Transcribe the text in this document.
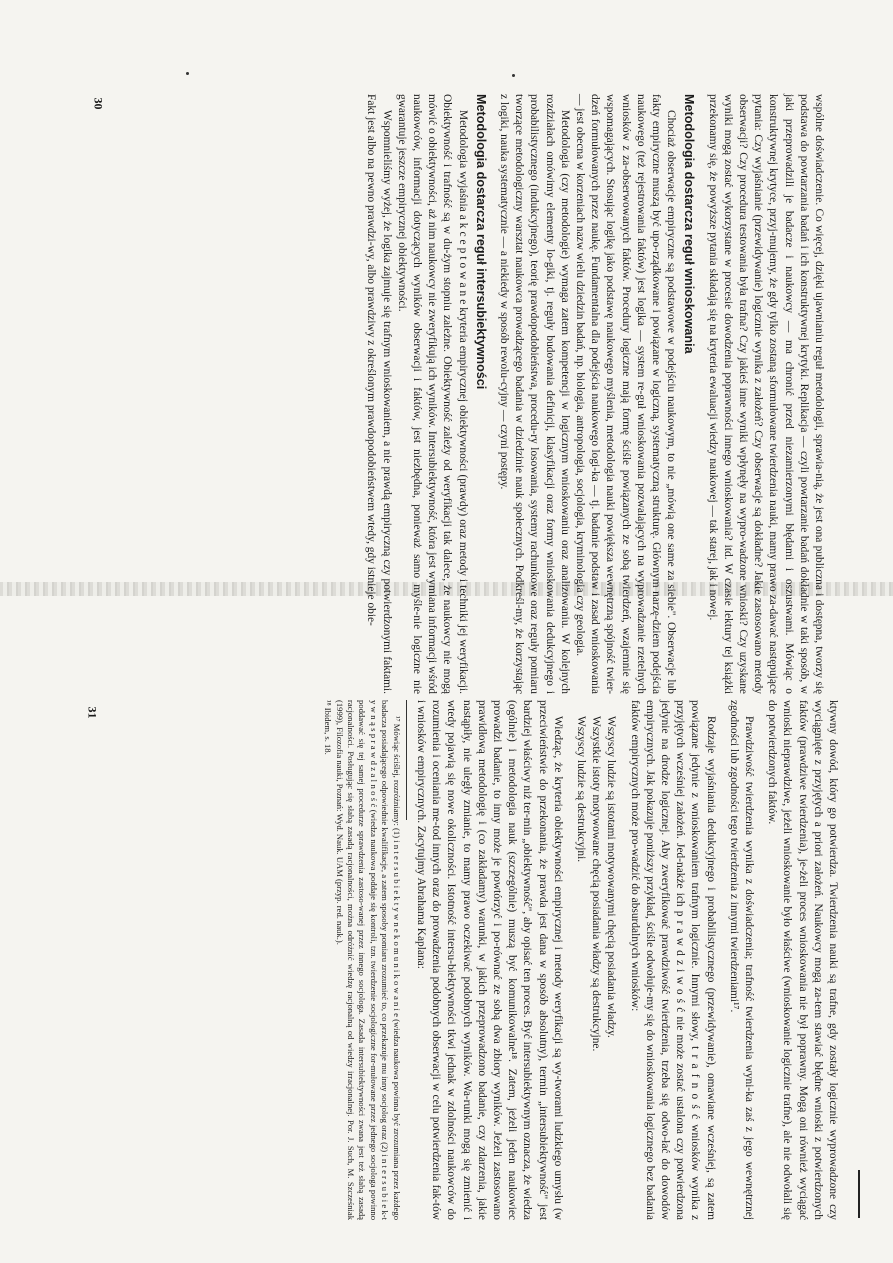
wspólne doświadczenie. Co więcej, dzięki ujawnianiu reguł metodologii, sprawia-nią, że jest ona publiczna i dostępna, tworzy się podstawa do powtarzania badań i ich konstruktywnej krytyki. Replikacja — czyli powtarzanie badań dokładnie w taki sposób, w jaki przeprowadzili je badacze i naukowcy — ma chronić przed niezamierzonymi błędami i oszustwami. Mówiąc o konstruktywnej krytyce, przyj-mujemy, że gdy tylko zostaną sformułowane twierdzenia nauki, mamy prawo za-dawać następujące pytania: Czy wyjaśnianie (przewidywanie) logicznie wynika z założeń? Czy obserwacje są dokładne? Jakie zastosowano metody obserwacji? Czy procedura testowania była trafna? Czy jakieś inne wyniki wpłynęły na wypro-wadzone wnioski? Czy uzyskane wyniki mogą zostać wykorzystane w procesie dowodzenia poprawności innego wnioskowania? itd. W czasie lektury tej książki przekonamy się, że powyższe pytania składają się na kryteria ewaluacji wiedzy naukowej — tak starej, jak i nowej.

Metodologia dostarcza reguł wnioskowania

Chociaż obserwacje empiryczne są podstawowe w podejściu naukowym, to nie „mówią one same za siebie". Obserwacje lub fakty empiryczne muszą być upo-rządkowane i powiązane w logiczną, systematyczną strukturę. Głównym narzę-dziem podejścia naukowego (też rejestrowania faktów) jest logika — system re-guł wnioskowania pozwalających na wyprowadzanie rzetelnych wniosków z za-obserwowanych faktów. Procedury logiczne mają formę ściśle powiązanych ze sobą twierdzeń, wzajemnie się wspomagających. Stosując logikę jako podstawę naukowego myślenia, metodologia nauki powiększa wewnętrzną spójność twier-dzeń formułowanych przez naukę. Fundamentalna dla podejścia naukowego logi-ka — tj. badanie podstaw i zasad wnioskowania — jest obecna w korzeniach nazw wielu dziedzin badań, np. biologia, antropologia, socjologia, kryminologia czy geologia.

Metodologia (czy metodologie) wymaga zatem kompetencji w logicznym wnioskowaniu oraz analizowaniu. W kolejnych rozdziałach omówimy elementy lo-giki, tj. reguły budowania definicji, klasyfikacji oraz formy wnioskowania dedukcyjnego i probabilistycznego (indukcyjnego), teorię prawdopodobieństwa, procedu-ry losowania, systemy rachunkowe oraz reguły pomiaru tworzące metodologiczny warsztat naukowca prowadzącego badania w dziedzinie nauk społecznych. Podkreśl-my, że korzystając z logiki, nauka systematycznie — a niekiedy w sposób rewolu-cyjny — czyni postępy.

Metodologia dostarcza reguł intersubiektywności

Metodologia wyjaśnia a k c e p t o w a n e kryteria empirycznej obiektywności (prawdy) oraz metody i techniki jej weryfikacji. Obiektywność i trafność są w du-żym stopniu zależne. Obiektywność zależy od weryfikacji tak dalece, że naukowcy nie mogą mówić o obiektywności, aż nim naukowcy nie zweryfikują ich wyników. Intersubiektywność, która jest wymiana informacji wśród naukowców, informacji dotyczących wyników obserwacji i faktów, jest niezbędna, ponieważ samo myśle-nie logiczne nie gwarantuje jeszcze empirycznej obiektywności.

Wspomnieliśmy wyżej, że logika zajmuje się trafnym wnioskowaniem, a nie prawdą empiryczną czy potwierdzonymi faktami. Fakt jest albo na pewno prawdzi-wy, albo prawdziwy z określonym prawdopodobieństwem wtedy, gdy istnieje obie-

30

ktywny dowód, który go potwierdza. Twierdzenia nauki są trafne, gdy zostały logicznie wyprowadzone czy wyciągnięte z przyjętych a priori założeń. Naukowcy mogą za-tem stawiać błędne wnioski z potwierdzonych faktów (prawdziwe twierdzenia), je-żeli proces wnioskowania nie był poprawny. Mogą oni również wyciągać wnioski nieprawdziwe, jeżeli wnioskowanie było właściwe (wnioskowanie logicznie trafne), ale nie odwołali się do potwierdzonych faktów.

Prawdziwość twierdzenia wynika z doświadczenia; trafność twierdzenia wyni-ka zaś z jego wewnętrznej zgodności lub zgodności tego twierdzenia z innymi twierdzeniami¹⁷.

Rodzaje wyjaśniania dedukcyjnego i probabilistycznego (przewidywanie), omawiane wcześniej, są zatem powiązane jedynie z wnioskowaniem trafnym logicznie. Innymi słowy, t r a f n o ś ć wniosków wynika z przyjętych wcześniej założeń. Jed-nakże ich p r a w d z i w o ś ć nie może zostać ustalona czy potwierdzona jedynie na drodze logicznej. Aby zweryfikować prawdziwość twierdzenia, trzeba się odwo-łać do dowodów empirycznych. Jak pokazuje poniższy przykład, ściśle odwołuje-my się do wnioskowania logicznego bez badania faktów empirycznych może pro-wadzić do absurdalnych wniosków:

Wszyscy ludzie są istotami motywowanymi chęcią posiadania władzy.

Wszystkie istoty motywowane chęcią posiadania władzy są destrukcyjne.

Wszyscy ludzie są destrukcyjni.

Wiedząc, że kryteria obiektywności empirycznej i metody weryfikacji są wy-tworami ludzkiego umysłu (w przeciwieństwie do przekonania, że prawda jest dana w sposób absolutny), termin „intersubiektywność" jest bardziej właściwy niż ter-min „obiektywność", aby opisać ten proces. Być intersubiektywnym oznacza, że wiedza (ogólnie) i metodologia nauk (szczególnie) muszą być komunikowalne¹⁸. Zatem, jeżeli jeden naukowiec prowadzi badanie, to inny może je powtórzyć i po-równać ze sobą dwa zbiory wyników. Jeżeli zastosowano prawidłową metodologię i (co zakładamy) warunki, w jakich przeprowadzono badanie, czy zdarzenia, jakie nastąpiły, nie uległy zmianie, to mamy prawo oczekiwać podobnych wyników. Wa-runki mogą się zmienić i wtedy pojawią się nowe okoliczności. Istotność intersu-biektywności tkwi jednak w zdolności naukowców do rozumienia i oceniania me-tod innych oraz do prowadzenia podobnych obserwacji w celu potwierdzenia fak-tów i wniosków empirycznych. Zacytujmy Abrahama Kaplana:

¹⁷ Mówiąc ściślej, rozróżniamy: (1) i n t e r s u b i e k t y w n e k o m u n i k o w a n i e (wiedza naukowa powinna być zrozumiana przez każdego badacza posiadającego odpowiednie kwalifikacje, a zatem sposoby pomiaru zrozumieć to, co przekazuje mu inny socjolog oraz (2) i n t e r s u b i e k-t y w n ą s p r a w d z a l n o ś ć (wiedza naukowa poddaje się kontroli, tzn. twierdzenie socjologiczne for-mułowane przez jednego socjologa powinno poddawać się tej samej procedurze sprawdzenia zastoso-wanej przez innego socjologa. Zasada intersubiektywności zwana jest też słabą zasadą racjonalności. Posługując się słabą zasadą racjonalności, można odróżnić wiedzę racjonalną od wiedzy irracjonalnej. Por. J. Such, M. Szcześniak (1999), Filozofia nauki, Poznań: Wyd. Nauk. UAM (przyp. red. nauk.).

¹⁸ Ibidem, s. 18.

31
